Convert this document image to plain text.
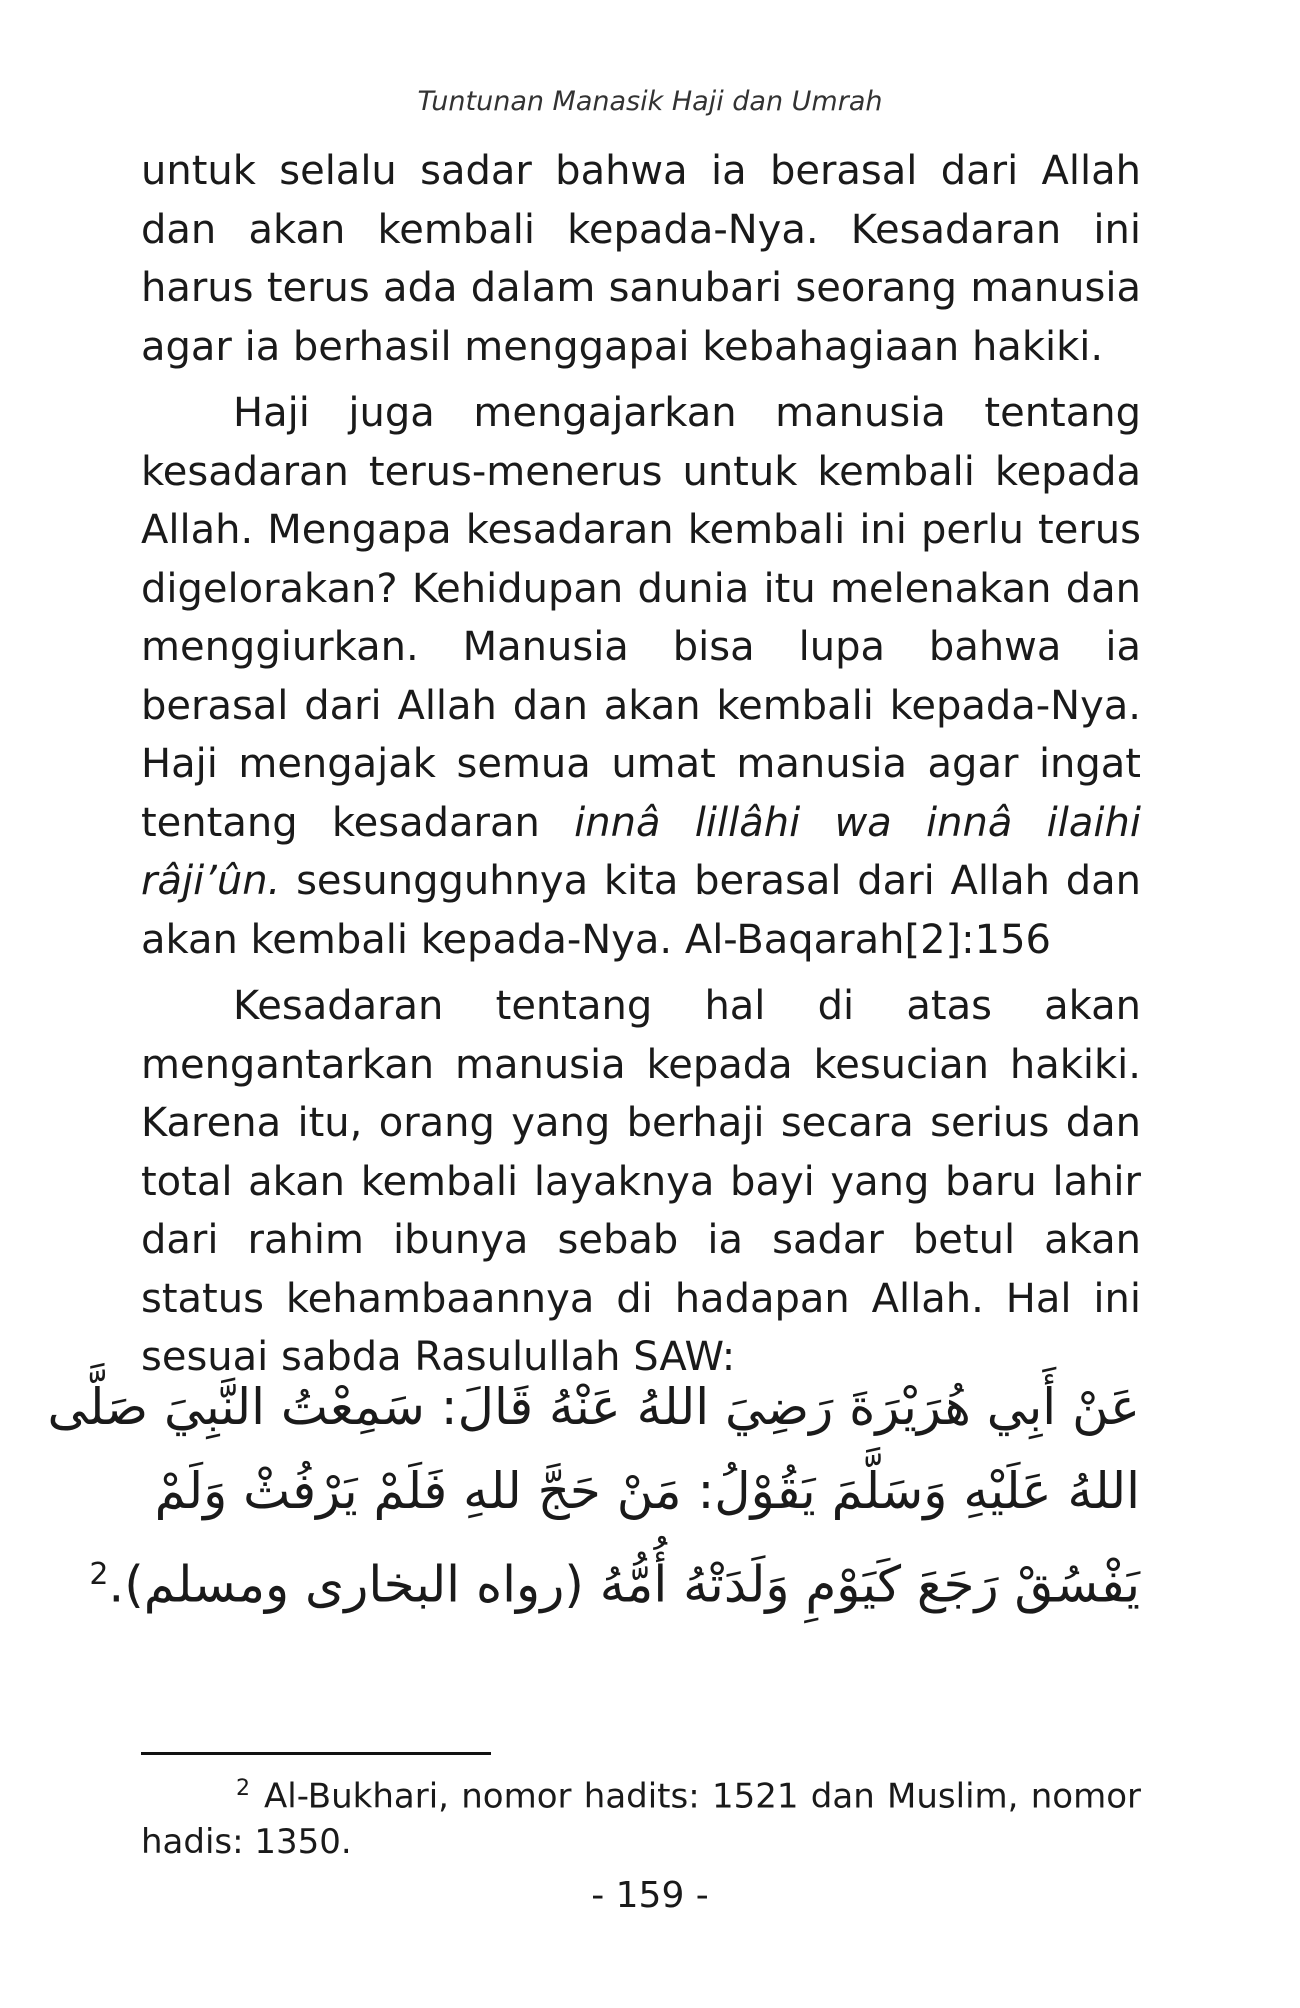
Tuntunan Manasik Haji dan Umrah

untuk selalu sadar bahwa ia berasal dari Allah dan akan kembali kepada-Nya. Kesadaran ini harus terus ada dalam sanubari seorang manusia agar ia berhasil menggapai kebahagiaan hakiki.

Haji juga mengajarkan manusia tentang kesadaran terus-menerus untuk kembali kepada Allah. Mengapa kesadaran kembali ini perlu terus digelorakan? Kehidupan dunia itu melenakan dan menggiurkan. Manusia bisa lupa bahwa ia berasal dari Allah dan akan kembali kepada-Nya. Haji mengajak semua umat manusia agar ingat tentang kesadaran innâ lillâhi wa innâ ilaihi râji’ûn. sesungguhnya kita berasal dari Allah dan akan kembali kepada-Nya. Al-Baqarah[2]:156

Kesadaran tentang hal di atas akan mengantarkan manusia kepada kesucian hakiki. Karena itu, orang yang berhaji secara serius dan total akan kembali layaknya bayi yang baru lahir dari rahim ibunya sebab ia sadar betul akan status kehambaannya di hadapan Allah. Hal ini sesuai sabda Rasulullah SAW:

عَنْ أَبِي هُرَيْرَةَ رَضِيَ اللهُ عَنْهُ قَالَ: سَمِعْتُ النَّبِيَ صَلَّى
اللهُ عَلَيْهِ وَسَلَّمَ يَقُوْلُ: مَنْ حَجَّ للهِ فَلَمْ يَرْفُثْ وَلَمْ
يَفْسُقْ رَجَعَ كَيَوْمِ وَلَدَتْهُ أُمُّهُ (رواه البخارى ومسلم).$^2$
$^2$ Al-Bukhari, nomor hadits: 1521 dan Muslim, nomor hadis: 1350.
- 159 -
